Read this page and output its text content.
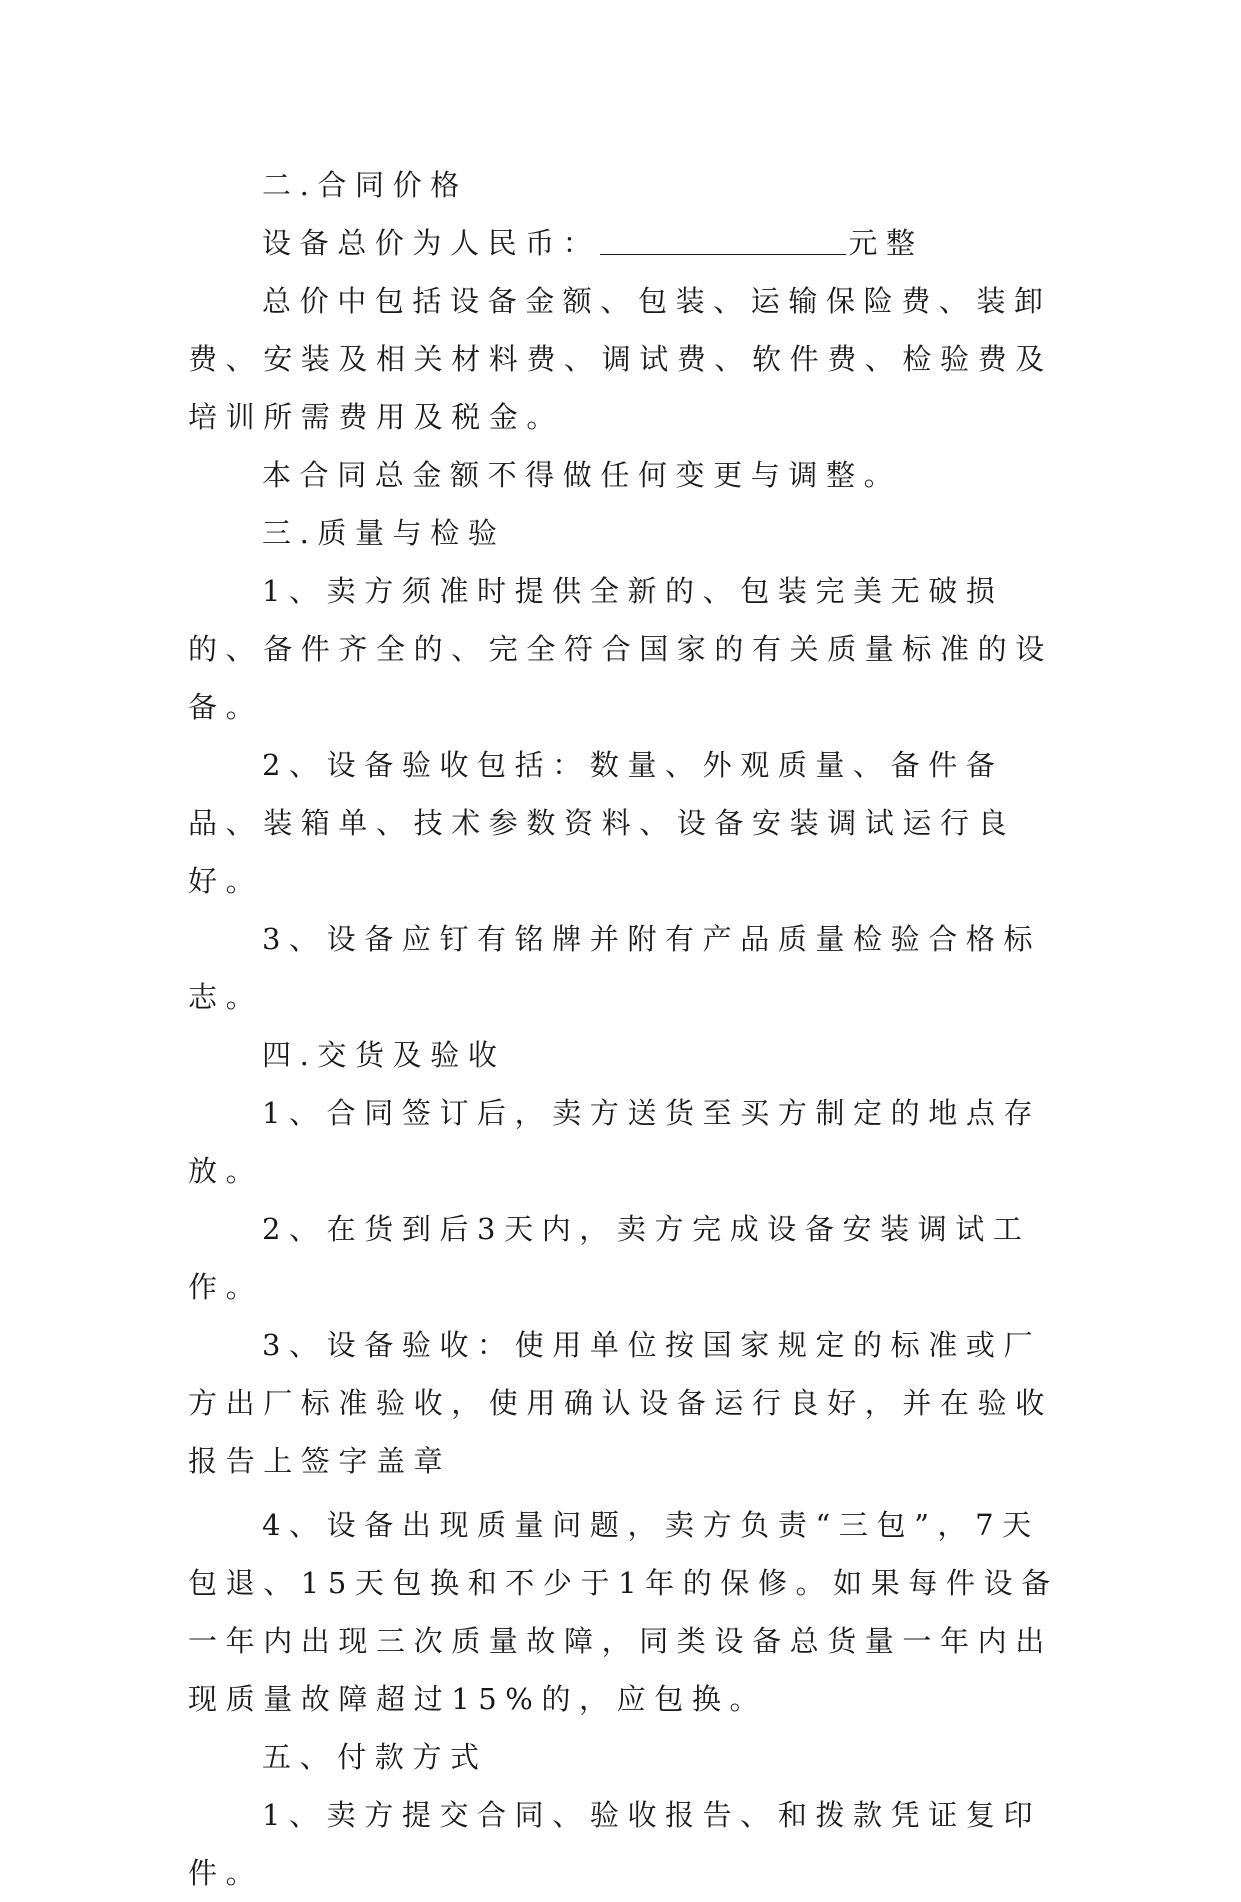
二.合同价格

设备总价为人民币：	元整

总价中包括设备金额、包装、运输保险费、装卸费、安装及相关材料费、调试费、软件费、检验费及培训所需费用及税金。

本合同总金额不得做任何变更与调整。

三.质量与检验

1、卖方须准时提供全新的、包装完美无破损的、备件齐全的、完全符合国家的有关质量标准的设备。

2、设备验收包括：数量、外观质量、备件备品、装箱单、技术参数资料、设备安装调试运行良好。

3、设备应钉有铭牌并附有产品质量检验合格标志。

四.交货及验收

1、合同签订后，卖方送货至买方制定的地点存放。

2、在货到后3天内，卖方完成设备安装调试工作。

3、设备验收：使用单位按国家规定的标准或厂方出厂标准验收，使用确认设备运行良好，并在验收报告上签字盖章

4、设备出现质量问题，卖方负责“三包”，7天包退、15天包换和不少于1年的保修。如果每件设备一年内出现三次质量故障，同类设备总货量一年内出现质量故障超过15%的，应包换。

五、付款方式

1、卖方提交合同、验收报告、和拨款凭证复印件。
